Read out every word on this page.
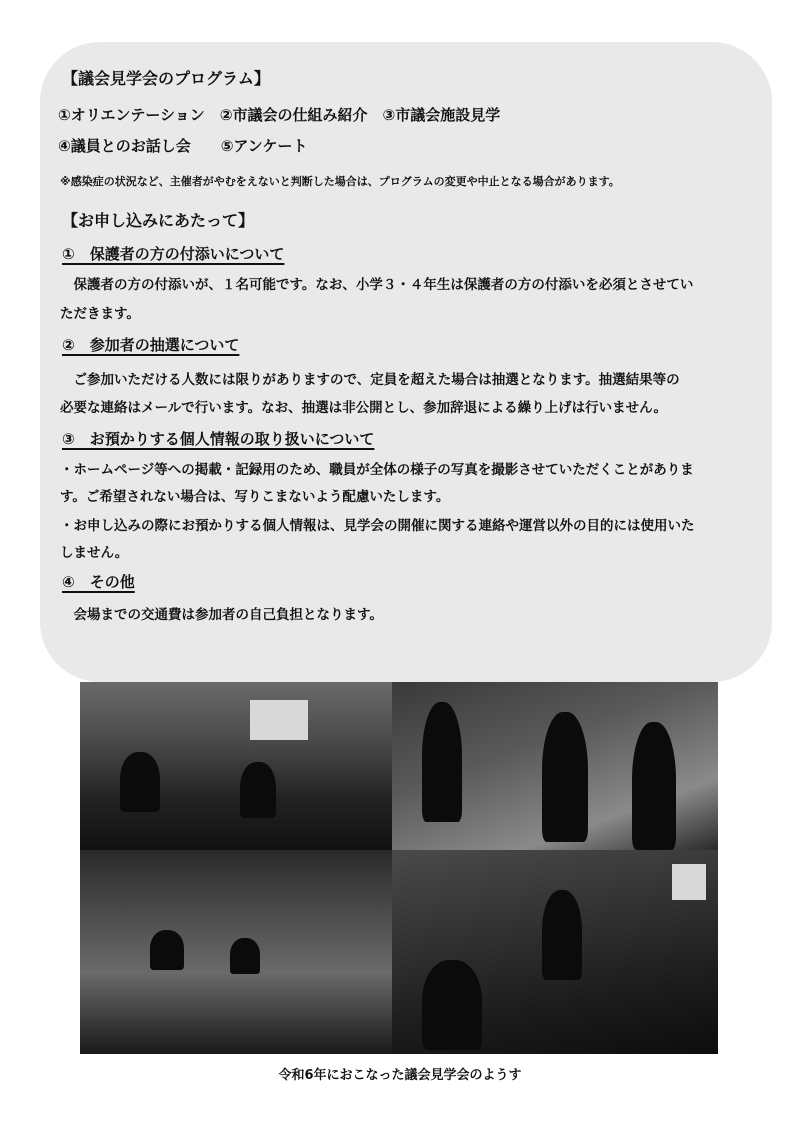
【議会見学会のプログラム】
①オリエンテーション　②市議会の仕組み紹介　③市議会施設見学
④議員とのお話し会　　⑤アンケート
※感染症の状況など、主催者がやむをえないと判断した場合は、プログラムの変更や中止となる場合があります。
【お申し込みにあたって】
①　保護者の方の付添いについて
　保護者の方の付添いが、１名可能です。なお、小学３・４年生は保護者の方の付添いを必須とさせてい
ただきます。
②　参加者の抽選について
　ご参加いただける人数には限りがありますので、定員を超えた場合は抽選となります。抽選結果等の
必要な連絡はメールで行います。なお、抽選は非公開とし、参加辞退による繰り上げは行いません。
③　お預かりする個人情報の取り扱いについて
・ホームページ等への掲載・記録用のため、職員が全体の様子の写真を撮影させていただくことがありま
す。ご希望されない場合は、写りこまないよう配慮いたします。
・お申し込みの際にお預かりする個人情報は、見学会の開催に関する連絡や運営以外の目的には使用いた
しません。
④　その他
　会場までの交通費は参加者の自己負担となります。
令和6年におこなった議会見学会のようす
